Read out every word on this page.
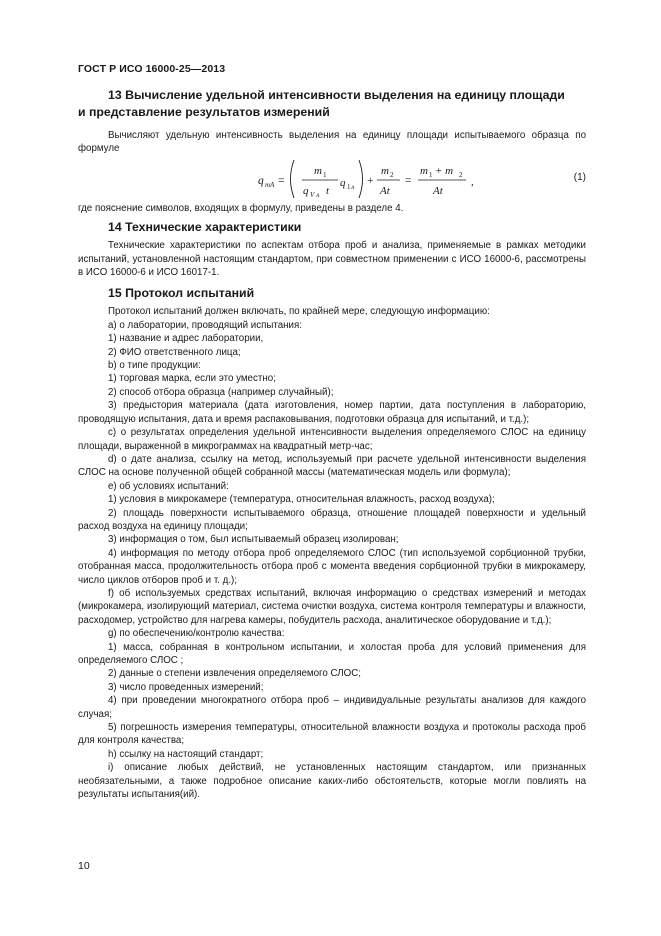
ГОСТ Р ИСО 16000-25—2013
13 Вычисление удельной интенсивности выделения на единицу площади
и представление результатов измерений

Вычисляют удельную интенсивность выделения на единицу площади испытываемого образца по формуле

q mA =
m 1
q V A t
q 1 A
+
m 2
At
=
m 1 + m 2
At
,	(1)

где пояснение символов, входящих в формулу, приведены в разделе 4.

14 Технические характеристики

Технические характеристики по аспектам отбора проб и анализа, применяемые в рамках методики испытаний, установленной настоящим стандартом, при совместном применении с ИСО 16000-6, рассмотрены в ИСО 16000-6 и ИСО 16017-1.

15 Протокол испытаний

Протокол испытаний должен включать, по крайней мере, следующую информацию:

а) о лаборатории, проводящий испытания:

1) название и адрес лаборатории,

2) ФИО ответственного лица;

b) о типе продукции:

1) торговая марка, если это уместно;

2) способ отбора образца (например случайный);

3) предыстория материала (дата изготовления, номер партии, дата поступления в лабораторию, проводящую испытания, дата и время распаковывания, подготовки образца для испытаний, и т.д.);

с) о результатах определения удельной интенсивности выделения определяемого СЛОС на единицу площади, выраженной в микрограммах на квадратный метр-час;

d) о дате анализа, ссылку на метод, используемый при расчете удельной интенсивности выделения СЛОС на основе полученной общей собранной массы (математическая модель или формула);

е) об условиях испытаний:

1) условия в микрокамере (температура, относительная влажность, расход воздуха);

2) площадь поверхности испытываемого образца, отношение площадей поверхности и удельный расход воздуха на единицу площади;

3) информация о том, был испытываемый образец изолирован;

4) информация по методу отбора проб определяемого СЛОС (тип используемой сорбционной трубки, отобранная масса, продолжительность отбора проб с момента введения сорбционной трубки в микрокамеру, число циклов отборов проб и т. д.);

f) об используемых средствах испытаний, включая информацию о средствах измерений и методах (микрокамера, изолирующий материал, система очистки воздуха, система контроля температуры и влажности, расходомер, устройство для нагрева камеры, побудитель расхода, аналитическое оборудование и т.д.);

g) по обеспечению/контролю качества:

1) масса, собранная в контрольном испытании, и холостая проба для условий применения для определяемого СЛОС ;

2) данные о степени извлечения определяемого СЛОС;

3) число проведенных измерений;

4) при проведении многократного отбора проб – индивидуальные результаты анализов для каждого случая;

5) погрешность измерения температуры, относительной влажности воздуха и протоколы расхода проб для контроля качества;

h) ссылку на настоящий стандарт;

i) описание любых действий, не установленных настоящим стандартом, или признанных необязательными, а также подробное описание каких-либо обстоятельств, которые могли повлиять на результаты испытания(ий).

10
